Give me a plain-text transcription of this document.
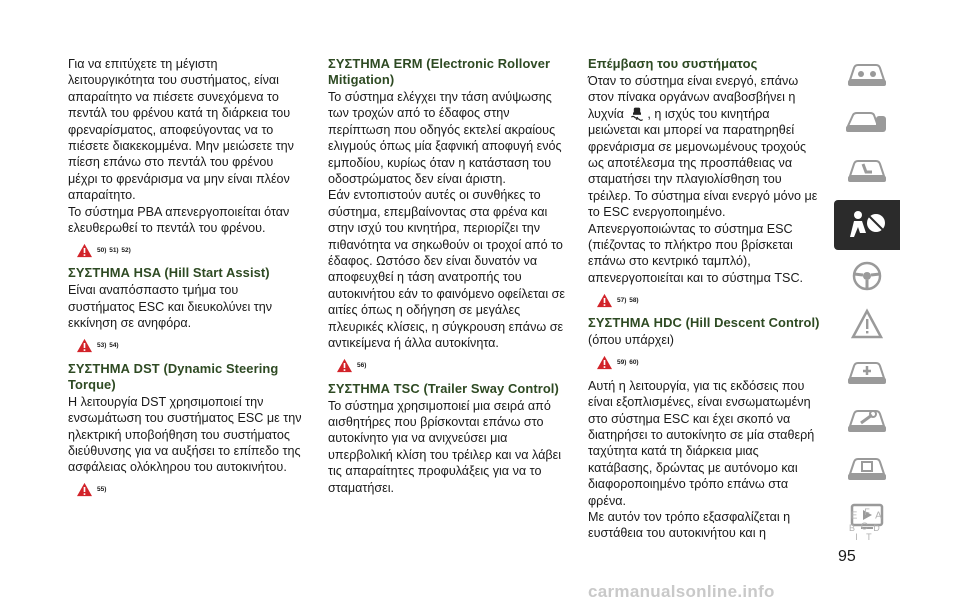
Για να επιτύχετε τη μέγιστη λειτουργικότητα του συστήματος, είναι απαραίτητο να πιέσετε συνεχόμενα το πεντάλ του φρένου κατά τη διάρκεια του φρεναρίσματος, αποφεύγοντας να το πιέσετε διακεκομμένα. Μην μειώσετε την πίεση επάνω στο πεντάλ του φρένου μέχρι το φρενάρισμα να μην είναι πλέον απαραίτητο.

Το σύστημα PBA απενεργοποιείται όταν ελευθερωθεί το πεντάλ του φρένου.

50) 51) 52)
ΣΥΣΤΗΜΑ HSA (Hill Start Assist)

Είναι αναπόσπαστο τμήμα του συστήματος ESC και διευκολύνει την εκκίνηση σε ανηφόρα.

53) 54)
ΣΥΣΤΗΜΑ DST (Dynamic Steering Torque)

Η λειτουργία DST χρησιμοποιεί την ενσωμάτωση του συστήματος ESC με την ηλεκτρική υποβοήθηση του συστήματος διεύθυνσης για να αυξήσει το επίπεδο της ασφάλειας ολόκληρου του αυτοκινήτου.

55)
ΣΥΣΤΗΜΑ ERM (Electronic Rollover Mitigation)

Το σύστημα ελέγχει την τάση ανύψωσης των τροχών από το έδαφος στην περίπτωση που οδηγός εκτελεί ακραίους ελιγμούς όπως μία ξαφνική αποφυγή ενός εμποδίου, κυρίως όταν η κατάσταση του οδοστρώματος δεν είναι άριστη.

Εάν εντοπιστούν αυτές οι συνθήκες το σύστημα, επεμβαίνοντας στα φρένα και στην ισχύ του κινητήρα, περιορίζει την πιθανότητα να σηκωθούν οι τροχοί από το έδαφος. Ωστόσο δεν είναι δυνατόν να αποφευχθεί η τάση ανατροπής του αυτοκινήτου εάν το φαινόμενο οφείλεται σε αιτίες όπως η οδήγηση σε μεγάλες πλευρικές κλίσεις, η σύγκρουση επάνω σε αντικείμενα ή άλλα αυτοκίνητα.

56)
ΣΥΣΤΗΜΑ TSC (Trailer Sway Control)

Το σύστημα χρησιμοποιεί μια σειρά από αισθητήρες που βρίσκονται επάνω στο αυτοκίνητο για να ανιχνεύσει μια υπερβολική κλίση του τρέιλερ και να λάβει τις απαραίτητες προφυλάξεις για να το σταματήσει.

Επέμβαση του συστήματος

Όταν το σύστημα είναι ενεργό, επάνω στον πίνακα οργάνων αναβοσβήνει η λυχνία , η ισχύς του κινητήρα μειώνεται και μπορεί να παρατηρηθεί φρενάρισμα σε μεμονωμένους τροχούς ως αποτέλεσμα της προσπάθειας να σταματήσει την πλαγιολίσθηση του τρέιλερ. Το σύστημα είναι ενεργό μόνο με το ESC ενεργοποιημένο.

Απενεργοποιώντας το σύστημα ESC (πιέζοντας το πλήκτρο που βρίσκεται επάνω στο κεντρικό ταμπλό), απενεργοποιείται και το σύστημα TSC.

57) 58)
ΣΥΣΤΗΜΑ HDC (Hill Descent Control)

(όπου υπάρχει)

59) 60)

Αυτή η λειτουργία, για τις εκδόσεις που είναι εξοπλισμένες, είναι ενσωματωμένη στο σύστημα ESC και έχει σκοπό να διατηρήσει το αυτοκίνητο σε μία σταθερή ταχύτητα κατά τη διάρκεια μιας κατάβασης, δρώντας με αυτόνομο και διαφοροποιημένο τρόπο επάνω στα φρένα.

Με αυτόν τον τρόπο εξασφαλίζεται η ευστάθεια του αυτοκινήτου και η

E F A
B C D
I T
95
carmanualsonline.info
